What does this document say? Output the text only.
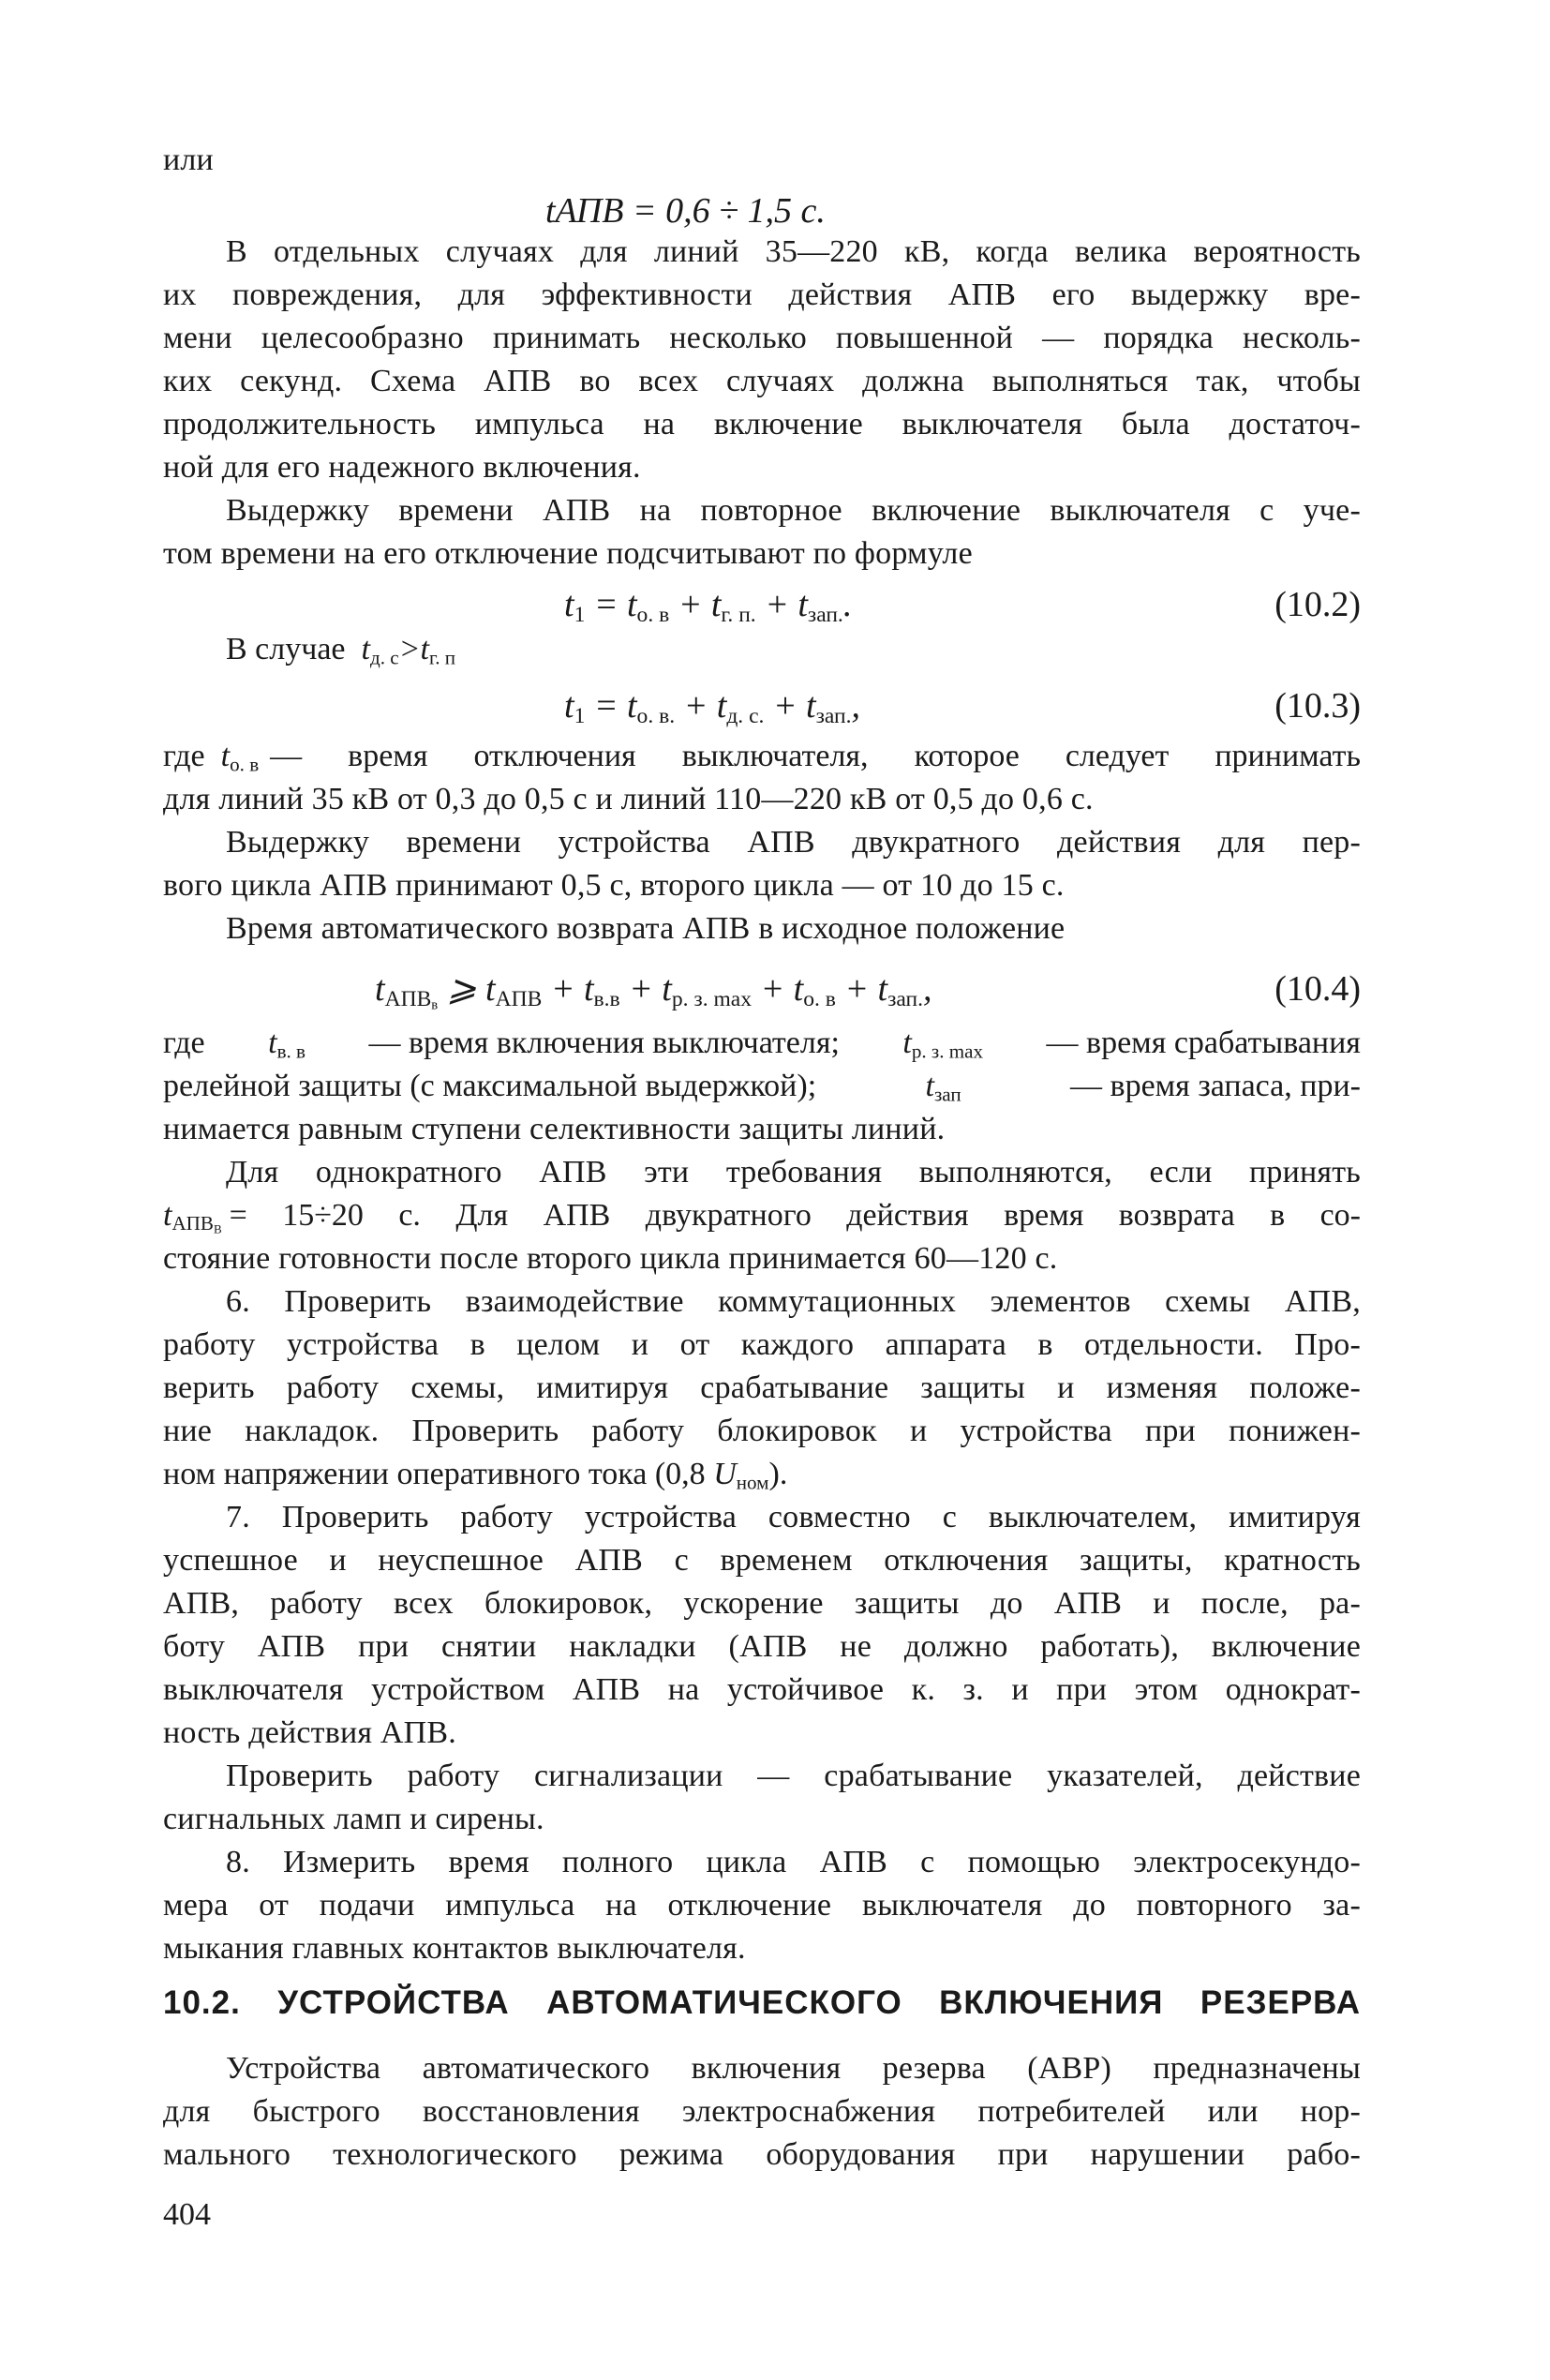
или
tАПВ = 0,6 ÷ 1,5 с.
В отдельных случаях для линий 35—220 кВ, когда велика вероятность
их повреждения, для эффективности действия АПВ его выдержку вре-
мени целесообразно принимать несколько повышенной — порядка несколь-
ких секунд. Схема АПВ во всех случаях должна выполняться так, чтобы
продолжительность импульса на включение выключателя была достаточ-
ной для его надежного включения.
Выдержку времени АПВ на повторное включение выключателя с уче-
том времени на его отключение подсчитывают по формуле
$t_1 = t_{о. в} + t_{г. п.} + t_{зап.}$.	(10.2)
В случае  $t_{д. с}>t_{г. п}$
$t_1 = t_{о. в.} + t_{д. с.} + t_{зап.}$,	(10.3)
где $t_{о. в}$ — время отключения выключателя, которое следует принимать
для линий 35 кВ от 0,3 до 0,5 с и линий 110—220 кВ от 0,5 до 0,6 с.
Выдержку времени устройства АПВ двукратного действия для пер-
вого цикла АПВ принимают 0,5 с, второго цикла — от 10 до 15 с.
Время автоматического возврата АПВ в исходное положение
$t_{АПВ_в}$ ⩾ $t_{АПВ} + t_{в.в} + t_{р. з. max} + t_{о. в} + t_{зап.}$,	(10.4)
где $t_{в. в}$ — время включения выключателя; $t_{р. з. max}$ — время срабатывания
релейной защиты (с максимальной выдержкой);	$t_{зап}$	— время запаса, при-
нимается равным ступени селективности защиты линий.
Для однократного АПВ эти требования выполняются, если принять
$t_{АПВ_В} = 15\div 20$ с. Для АПВ двукратного действия время возврата в со-
стояние готовности после второго цикла принимается 60—120 с.
6. Проверить взаимодействие коммутационных элементов схемы АПВ,
работу устройства в целом и от каждого аппарата в отдельности. Про-
верить работу схемы, имитируя срабатывание защиты и изменяя положе-
ние накладок. Проверить работу блокировок и устройства при понижен-
ном напряжении оперативного тока (0,8 $U_{ном}$).
7. Проверить работу устройства совместно с выключателем, имитируя
успешное и неуспешное АПВ с временем отключения защиты, кратность
АПВ, работу всех блокировок, ускорение защиты до АПВ и после, ра-
боту АПВ при снятии накладки (АПВ не должно работать), включение
выключателя устройством АПВ на устойчивое к. з. и при этом однократ-
ность действия АПВ.
Проверить работу сигнализации — срабатывание указателей, действие
сигнальных ламп и сирены.
8. Измерить время полного цикла АПВ с помощью электросекундо-
мера от подачи импульса на отключение выключателя до повторного за-
мыкания главных контактов выключателя.
10.2. УСТРОЙСТВА АВТОМАТИЧЕСКОГО ВКЛЮЧЕНИЯ РЕЗЕРВА
Устройства автоматического включения резерва (АВР) предназначены
для быстрого восстановления электроснабжения потребителей или нор-
мального технологического режима оборудования при нарушении рабо-
404
